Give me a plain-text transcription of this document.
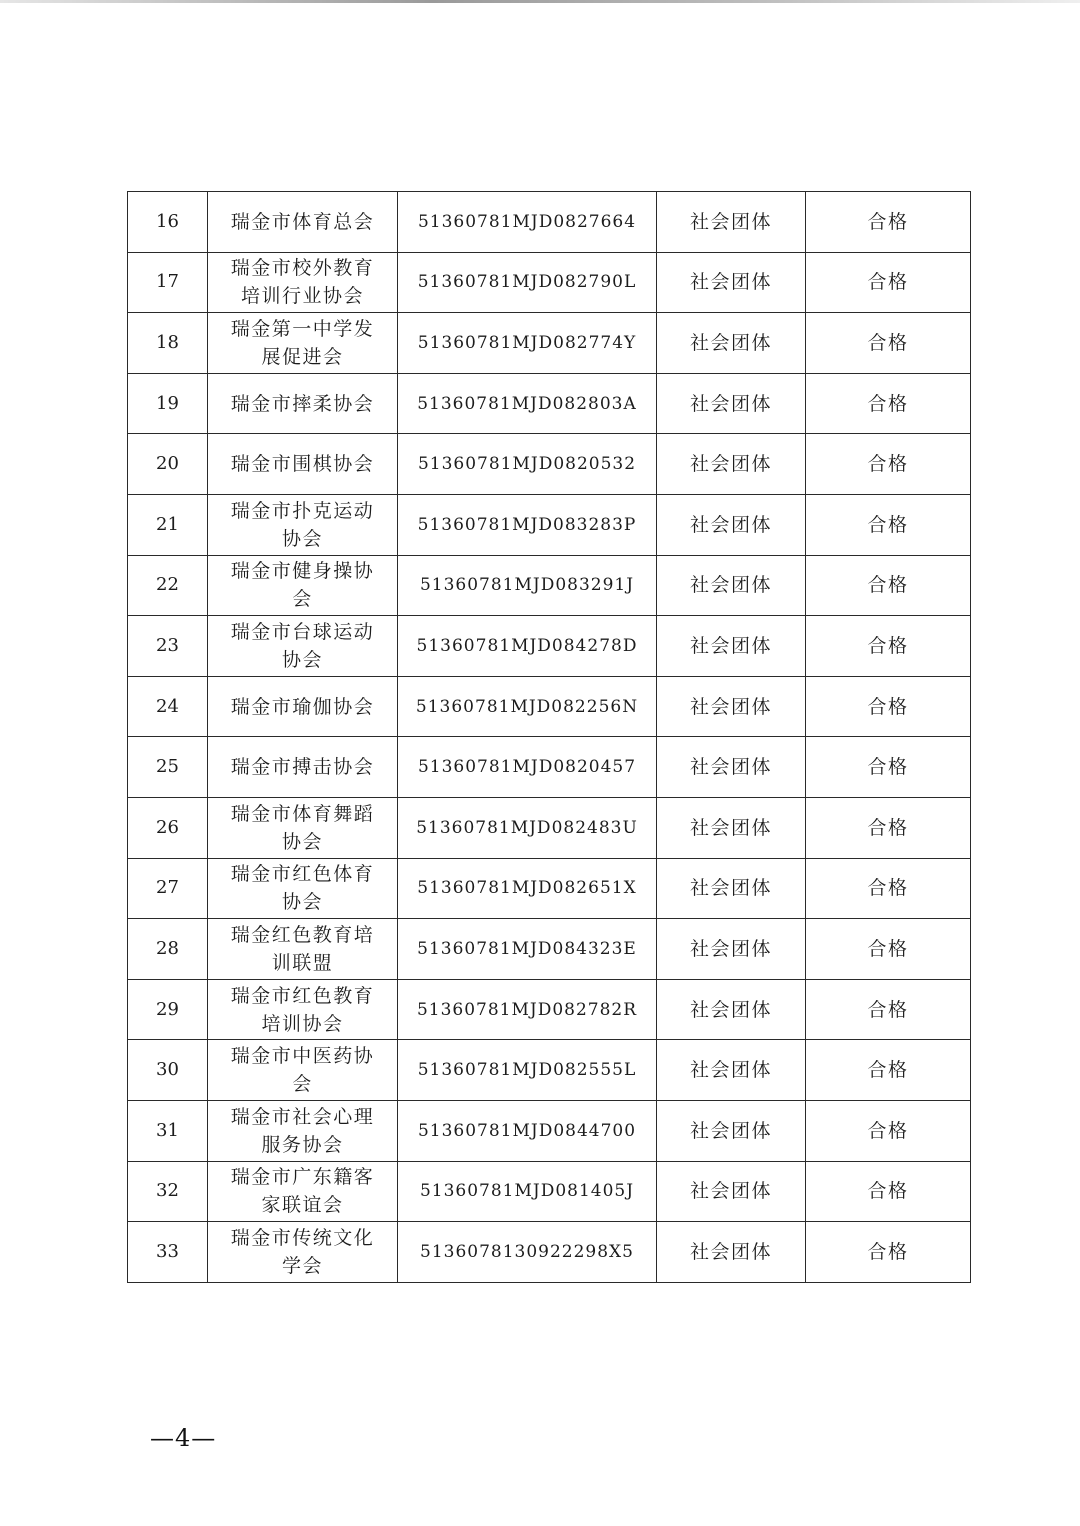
16	瑞金市体育总会	51360781MJD0827664	社会团体	合格
17	瑞金市校外教育培训行业协会	51360781MJD082790L	社会团体	合格
18	瑞金第一中学发展促进会	51360781MJD082774Y	社会团体	合格
19	瑞金市摔柔协会	51360781MJD082803A	社会团体	合格
20	瑞金市围棋协会	51360781MJD0820532	社会团体	合格
21	瑞金市扑克运动协会	51360781MJD083283P	社会团体	合格
22	瑞金市健身操协会	51360781MJD083291J	社会团体	合格
23	瑞金市台球运动协会	51360781MJD084278D	社会团体	合格
24	瑞金市瑜伽协会	51360781MJD082256N	社会团体	合格
25	瑞金市搏击协会	51360781MJD0820457	社会团体	合格
26	瑞金市体育舞蹈协会	51360781MJD082483U	社会团体	合格
27	瑞金市红色体育协会	51360781MJD082651X	社会团体	合格
28	瑞金红色教育培训联盟	51360781MJD084323E	社会团体	合格
29	瑞金市红色教育培训协会	51360781MJD082782R	社会团体	合格
30	瑞金市中医药协会	51360781MJD082555L	社会团体	合格
31	瑞金市社会心理服务协会	51360781MJD0844700	社会团体	合格
32	瑞金市广东籍客家联谊会	51360781MJD081405J	社会团体	合格
33	瑞金市传统文化学会	5136078130922298X5	社会团体	合格
—4—
